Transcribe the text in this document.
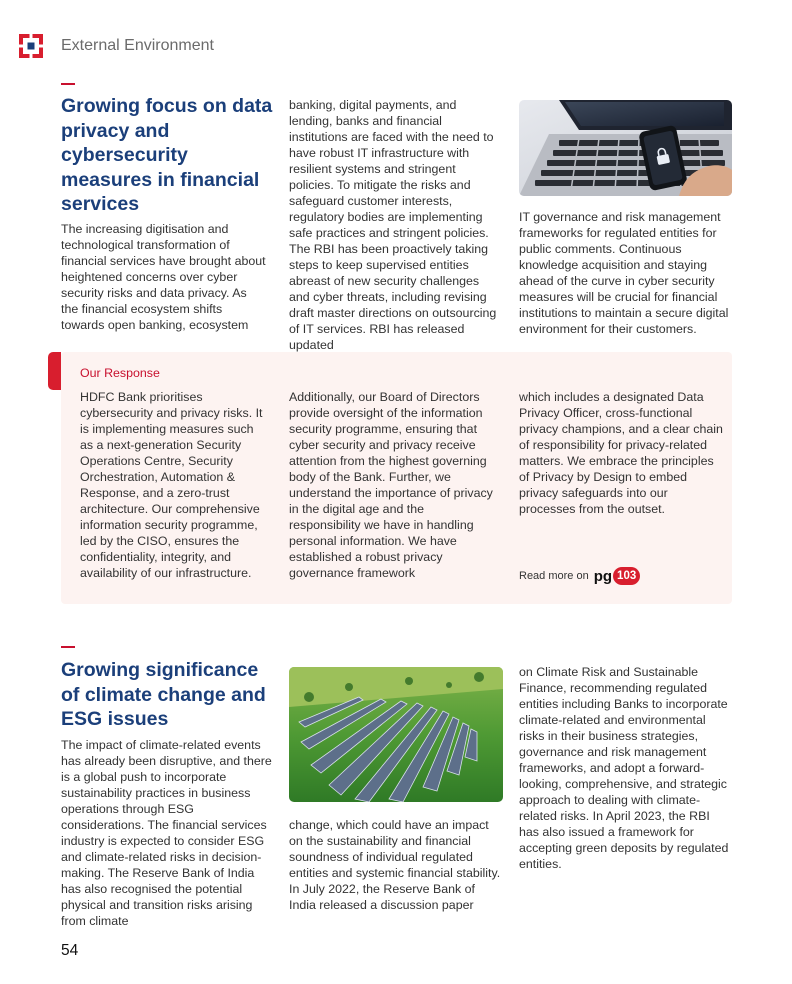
External Environment
Growing focus on data privacy and cybersecurity measures in financial services

The increasing digitisation and technological transformation of financial services have brought about heightened concerns over cyber security risks and data privacy. As the financial ecosystem shifts towards open banking, ecosystem

banking, digital payments, and lending, banks and financial institutions are faced with the need to have robust IT infrastructure with resilient systems and stringent policies. To mitigate the risks and safeguard customer interests, regulatory bodies are implementing safe practices and stringent policies. The RBI has been proactively taking steps to keep supervised entities abreast of new security challenges and cyber threats, including revising draft master directions on outsourcing of IT services. RBI has released updated

IT governance and risk management frameworks for regulated entities for public comments. Continuous knowledge acquisition and staying ahead of the curve in cyber security measures will be crucial for financial institutions to maintain a secure digital environment for their customers.

Our Response

HDFC Bank prioritises cybersecurity and privacy risks. It is implementing measures such as a next-generation Security Operations Centre, Security Orchestration, Automation & Response, and a zero-trust architecture. Our comprehensive information security programme, led by the CISO, ensures the confidentiality, integrity, and availability of our infrastructure.

Additionally, our Board of Directors provide oversight of the information security programme, ensuring that cyber security and privacy receive attention from the highest governing body of the Bank. Further, we understand the importance of privacy in the digital age and the responsibility we have in handling personal information. We have established a robust privacy governance framework

which includes a designated Data Privacy Officer, cross-functional privacy champions, and a clear chain of responsibility for privacy-related matters. We embrace the principles of Privacy by Design to embed privacy safeguards into our processes from the outset.

Read more on pg 103
Growing significance of climate change and ESG issues

The impact of climate-related events has already been disruptive, and there is a global push to incorporate sustainability practices in business operations through ESG considerations. The financial services industry is expected to consider ESG and climate-related risks in decision-making. The Reserve Bank of India has also recognised the potential physical and transition risks arising from climate

change, which could have an impact on the sustainability and financial soundness of individual regulated entities and systemic financial stability. In July 2022, the Reserve Bank of India released a discussion paper

on Climate Risk and Sustainable Finance, recommending regulated entities including Banks to incorporate climate-related and environmental risks in their business strategies, governance and risk management frameworks, and adopt a forward-looking, comprehensive, and strategic approach to dealing with climate-related risks. In April 2023, the RBI has also issued a framework for accepting green deposits by regulated entities.

54
